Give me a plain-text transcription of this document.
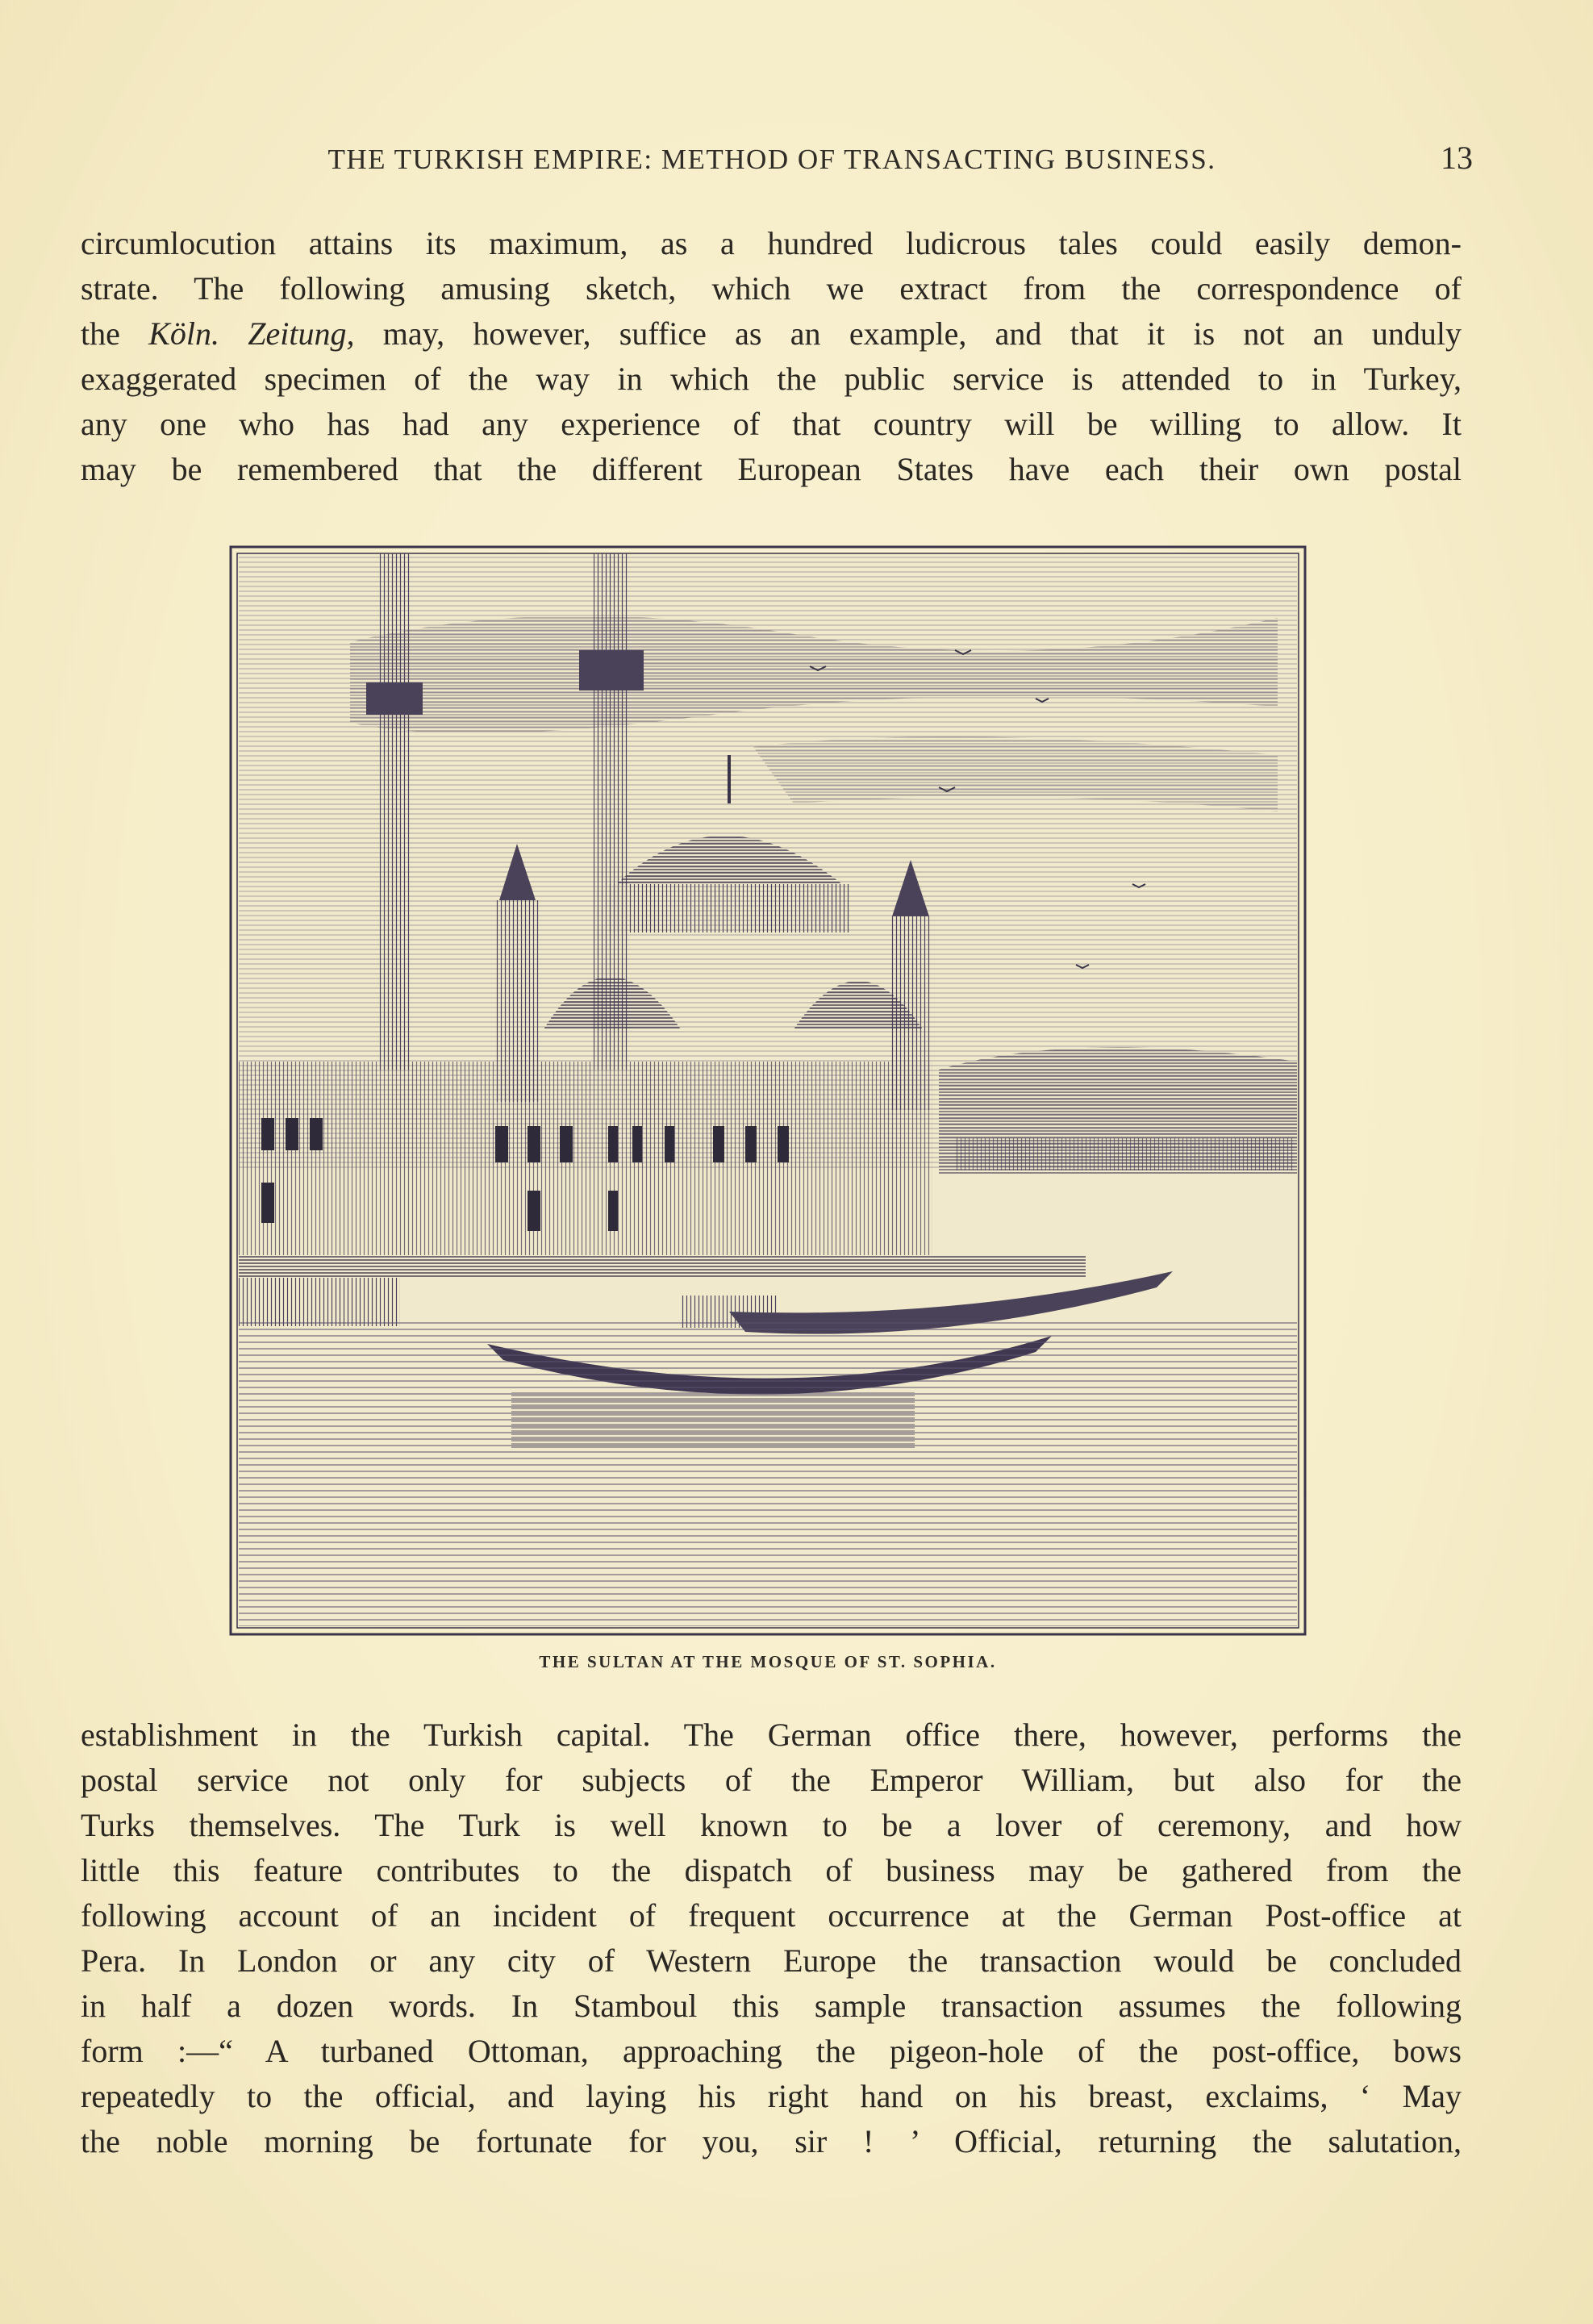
THE TURKISH EMPIRE: METHOD OF TRANSACTING BUSINESS.	13
circumlocution attains its maximum, as a hundred ludicrous tales could easily demon-
strate. The following amusing sketch, which we extract from the correspondence of
the Köln. Zeitung, may, however, suffice as an example, and that it is not an unduly
exaggerated specimen of the way in which the public service is attended to in Turkey,
any one who has had any experience of that country will be willing to allow. It
may be remembered that the different European States have each their own postal
THE SULTAN AT THE MOSQUE OF ST. SOPHIA.
establishment in the Turkish capital. The German office there, however, performs the
postal service not only for subjects of the Emperor William, but also for the
Turks themselves. The Turk is well known to be a lover of ceremony, and how
little this feature contributes to the dispatch of business may be gathered from the
following account of an incident of frequent occurrence at the German Post-office at
Pera. In London or any city of Western Europe the transaction would be concluded
in half a dozen words. In Stamboul this sample transaction assumes the following
form :—“ A turbaned Ottoman, approaching the pigeon-hole of the post-office, bows
repeatedly to the official, and laying his right hand on his breast, exclaims, ‘ May
the noble morning be fortunate for you, sir ! ’ Official, returning the salutation,
